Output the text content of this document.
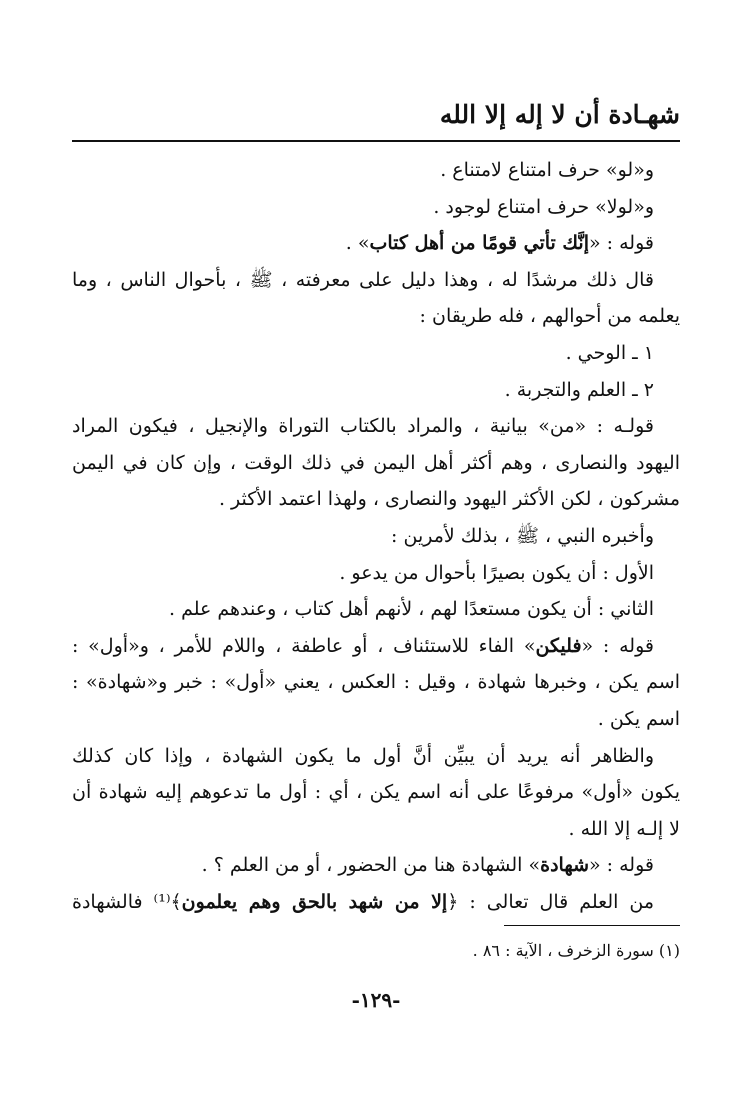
شهـادة أن لا إله إلا الله
و«لو» حرف امتناع لامتناع .
و«لولا» حرف امتناع لوجود .
قوله : «إنَّك تأتي قومًا من أهل كتاب» .
قال ذلك مرشدًا له ، وهذا دليل على معرفته ، ﷺ ، بأحوال الناس ، وما
يعلمه من أحوالهم ، فله طريقان :
١ ـ الوحي .
٢ ـ العلم والتجربة .
قولـه : «من» بيانية ، والمراد بالكتاب التوراة والإنجيل ، فيكون المراد
اليهود والنصارى ، وهم أكثر أهل اليمن في ذلك الوقت ، وإن كان في اليمن
مشركون ، لكن الأكثر اليهود والنصارى ، ولهذا اعتمد الأكثر .
وأخبره النبي ، ﷺ ، بذلك لأمرين :
الأول : أن يكون بصيرًا بأحوال من يدعو .
الثاني : أن يكون مستعدًا لهم ، لأنهم أهل كتاب ، وعندهم علم .
قوله : «فليكن» الفاء للاستئناف ، أو عاطفة ، واللام للأمر ، و«أول» :
اسم يكن ، وخبرها شهادة ، وقيل : العكس ، يعني «أول» : خبر و«شهادة» :
اسم يكن .
والظاهر أنه يريد أن يبيِّن أنَّ أول ما يكون الشهادة ، وإذا كان كذلك
يكون «أول» مرفوعًا على أنه اسم يكن ، أي : أول ما تدعوهم إليه شهادة أن
لا إلـه إلا الله .
قوله : «شهادة» الشهادة هنا من الحضور ، أو من العلم ؟ .
من العلم قال تعالى : ﴿إلا من شهد بالحق وهم يعلمون﴾⁽¹⁾ فالشهادة
(١) سورة الزخرف ، الآية : ٨٦ .
-١٢٩-
